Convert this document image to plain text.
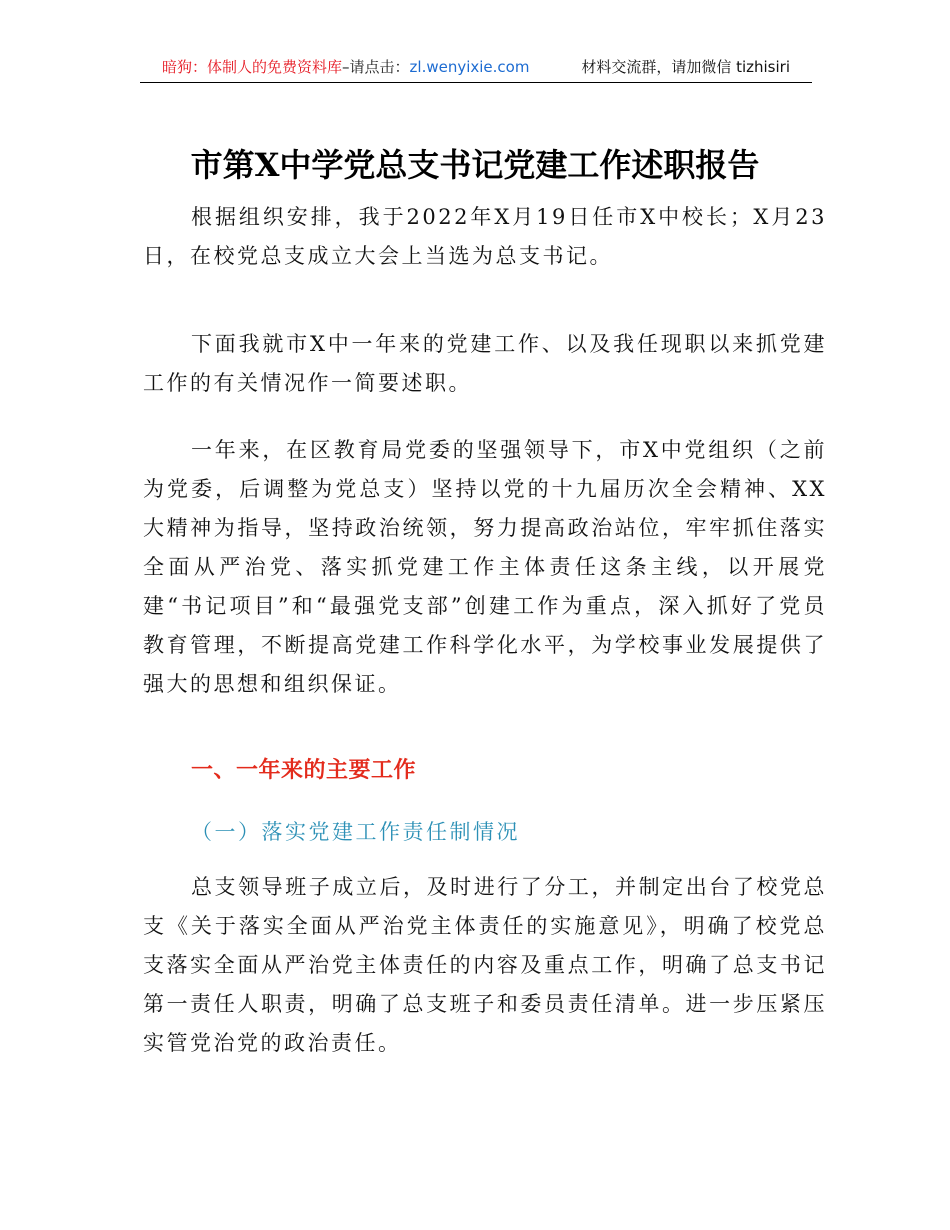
暗狗：体制人的免费资料库–请点击：zl.wenyixie.com	材料交流群，请加微信 tizhisiri
市第X中学党总支书记党建工作述职报告

根据组织安排，我于2022年X月19日任市X中校长；X月23日，在校党总支成立大会上当选为总支书记。

下面我就市X中一年来的党建工作、以及我任现职以来抓党建工作的有关情况作一简要述职。

一年来，在区教育局党委的坚强领导下，市X中党组织（之前为党委，后调整为党总支）坚持以党的十九届历次全会精神、XX大精神为指导，坚持政治统领，努力提高政治站位，牢牢抓住落实全面从严治党、落实抓党建工作主体责任这条主线，以开展党建“书记项目”和“最强党支部”创建工作为重点，深入抓好了党员教育管理，不断提高党建工作科学化水平，为学校事业发展提供了强大的思想和组织保证。

一、一年来的主要工作
（一）落实党建工作责任制情况

总支领导班子成立后，及时进行了分工，并制定出台了校党总支《关于落实全面从严治党主体责任的实施意见》，明确了校党总支落实全面从严治党主体责任的内容及重点工作，明确了总支书记第一责任人职责，明确了总支班子和委员责任清单。进一步压紧压实管党治党的政治责任。
